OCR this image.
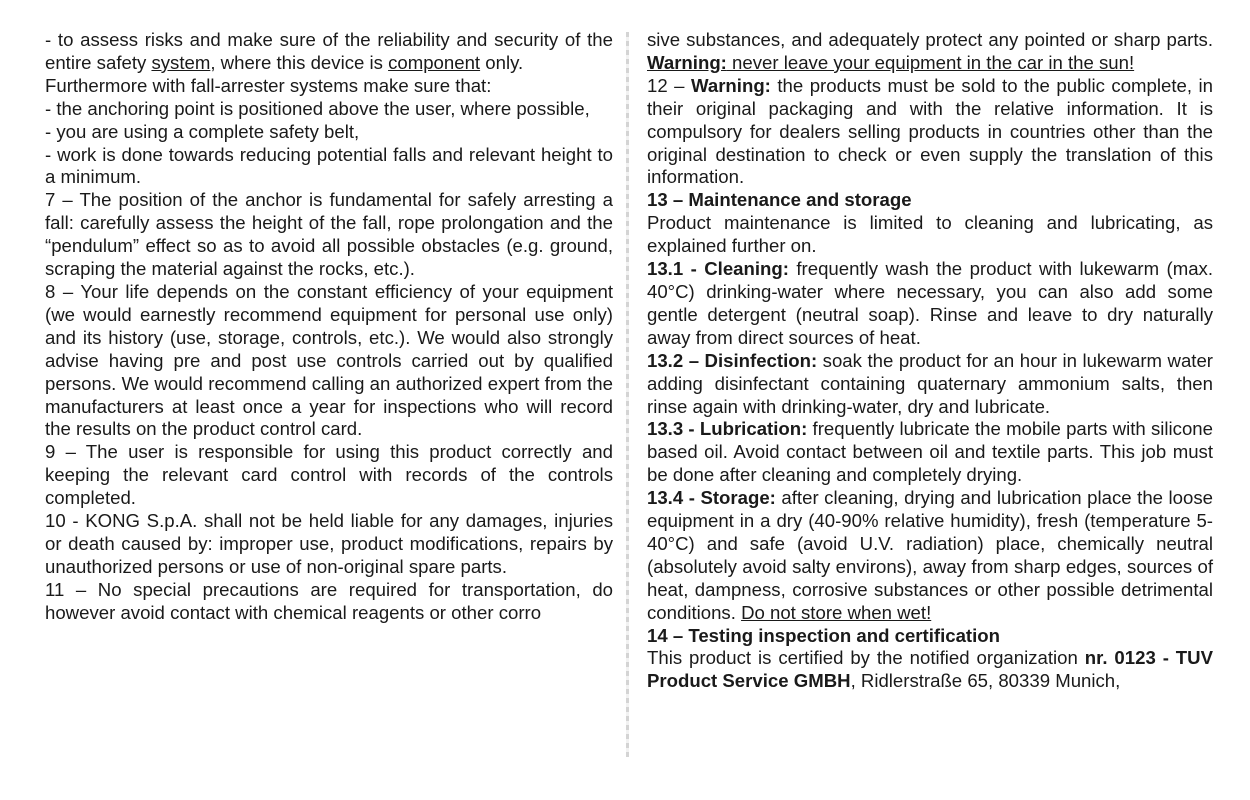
- to assess risks and make sure of the reliability and security of the entire safety system, where this device is component only.

Furthermore with fall-arrester systems make sure that:

- the anchoring point is positioned above the user, where possible,

- you are using a complete safety belt,

- work is done towards reducing potential falls and relevant height to a minimum.

7 – The position of the anchor is fundamental for safely arresting a fall: carefully assess the height of the fall, rope prolongation and the “pendulum” effect so as to avoid all possible obstacles (e.g. ground, scraping the material against the rocks, etc.).

8 – Your life depends on the constant efficiency of your equipment (we would earnestly recommend equipment for personal use only) and its history (use, storage, controls, etc.). We would also strongly advise having pre and post use controls carried out by qualified persons. We would recommend calling an authorized expert from the manufacturers at least once a year for inspections who will record the results on the product control card.

9 – The user is responsible for using this product correctly and keeping the relevant card control with records of the controls completed.

10 - KONG S.p.A. shall not be held liable for any damages, injuries or death caused by: improper use, product modifications, repairs by unauthorized persons or use of non-original spare parts.

11 – No special precautions are required for transportation, do however avoid contact with chemical reagents or other corro

sive substances, and adequately protect any pointed or sharp parts. Warning: never leave your equipment in the car in the sun!

12 – Warning: the products must be sold to the public complete, in their original packaging and with the relative information. It is compulsory for dealers selling products in countries other than the original destination to check or even supply the translation of this information.

13 – Maintenance and storage

Product maintenance is limited to cleaning and lubricating, as explained further on.

13.1 - Cleaning: frequently wash the product with lukewarm (max. 40°C) drinking-water where necessary, you can also add some gentle detergent (neutral soap). Rinse and leave to dry naturally away from direct sources of heat.

13.2 – Disinfection: soak the product for an hour in lukewarm water adding disinfectant containing quaternary ammonium salts, then rinse again with drinking-water, dry and lubricate.

13.3 - Lubrication: frequently lubricate the mobile parts with silicone based oil. Avoid contact between oil and textile parts. This job must be done after cleaning and completely drying.

13.4 - Storage: after cleaning, drying and lubrication place the loose equipment in a dry (40-90% relative humidity), fresh (temperature 5-40°C) and safe (avoid U.V. radiation) place, chemically neutral (absolutely avoid salty environs), away from sharp edges, sources of heat, dampness, corrosive substances or other possible detrimental conditions. Do not store when wet!

14 – Testing inspection and certification

This product is certified by the notified organization nr. 0123 - TUV Product Service GMBH, Ridlerstraße 65, 80339 Munich,
